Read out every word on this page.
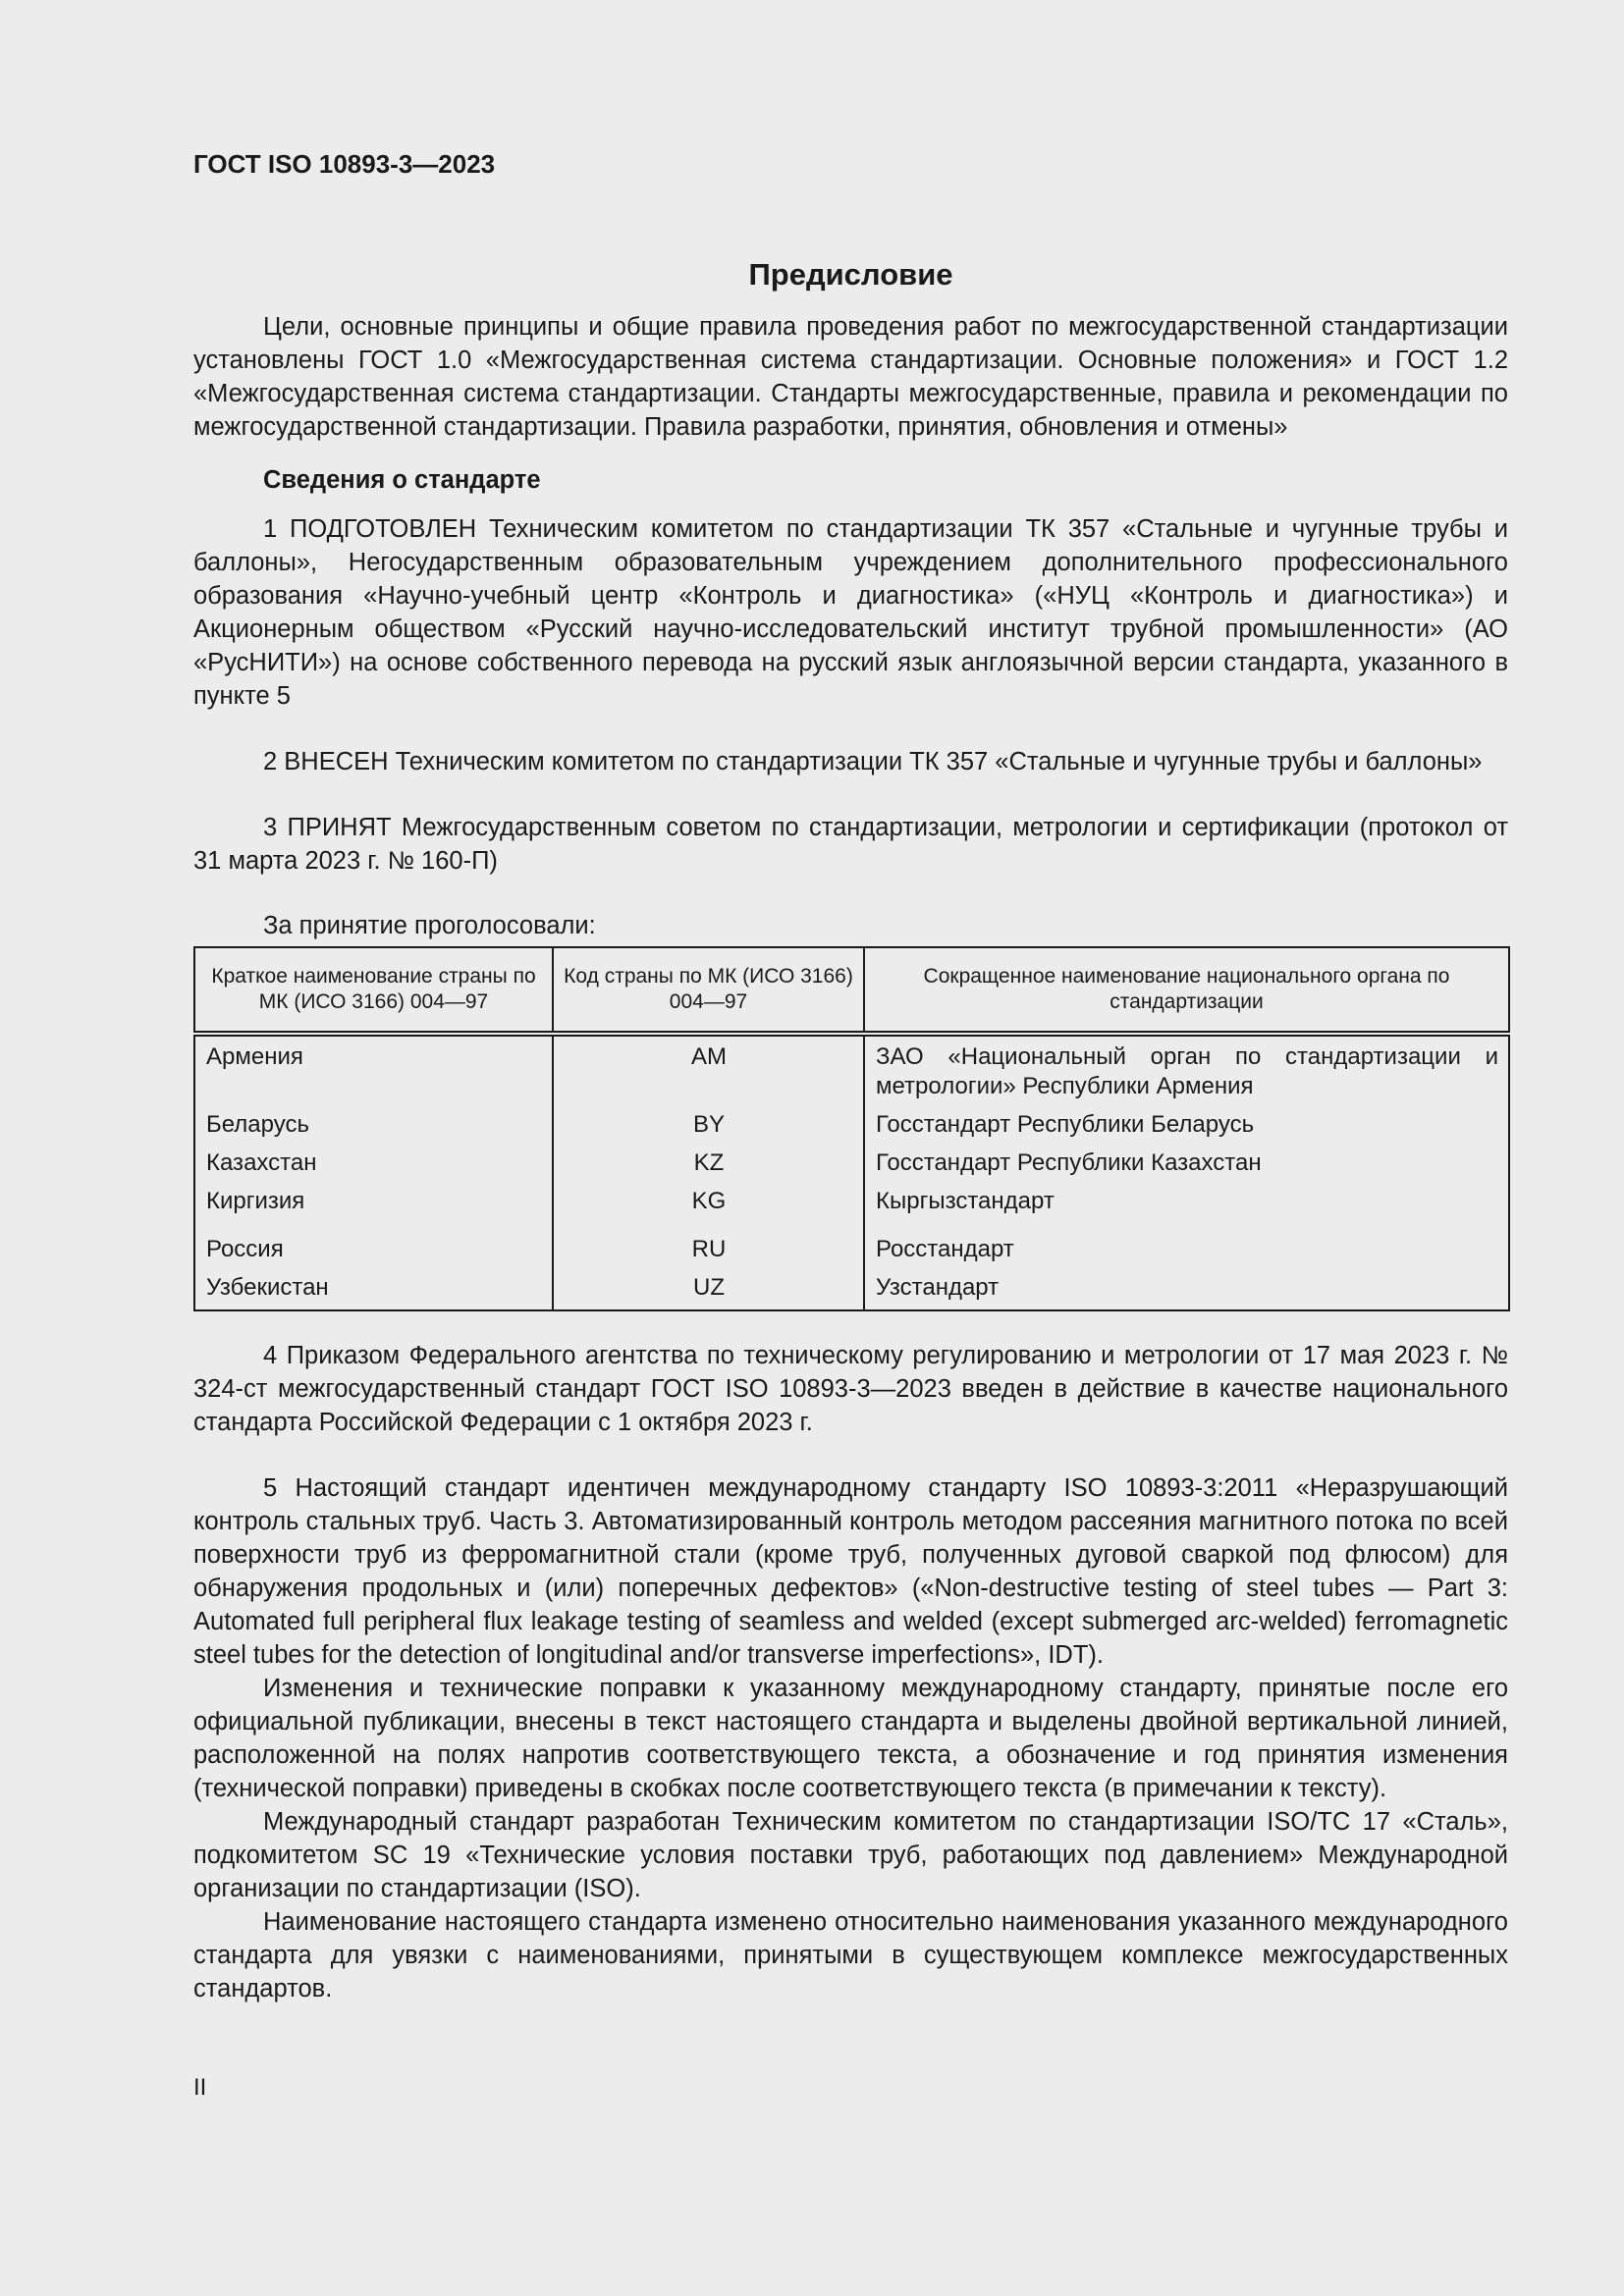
ГОСТ ISO 10893-3—2023
Предисловие

Цели, основные принципы и общие правила проведения работ по межгосударственной стандартизации установлены ГОСТ 1.0 «Межгосударственная система стандартизации. Основные положения» и ГОСТ 1.2 «Межгосударственная система стандартизации. Стандарты межгосударственные, правила и рекомендации по межгосударственной стандартизации. Правила разработки, принятия, обновления и отмены»

Сведения о стандарте

1 ПОДГОТОВЛЕН Техническим комитетом по стандартизации ТК 357 «Стальные и чугунные трубы и баллоны», Негосударственным образовательным учреждением дополнительного профессионального образования «Научно-учебный центр «Контроль и диагностика» («НУЦ «Контроль и диагностика») и Акционерным обществом «Русский научно-исследовательский институт трубной промышленности» (АО «РусНИТИ») на основе собственного перевода на русский язык англоязычной версии стандарта, указанного в пункте 5

2 ВНЕСЕН Техническим комитетом по стандартизации ТК 357 «Стальные и чугунные трубы и баллоны»

3 ПРИНЯТ Межгосударственным советом по стандартизации, метрологии и сертификации (протокол от 31 марта 2023 г. № 160-П)

За принятие проголосовали:

Краткое наименование страны по МК (ИСО 3166) 004—97	Код страны по МК (ИСО 3166) 004—97	Сокращенное наименование национального органа по стандартизации
Армения	AM	ЗАО «Национальный орган по стандартизации и метрологии» Республики Армения
Беларусь	BY	Госстандарт Республики Беларусь
Казахстан	KZ	Госстандарт Республики Казахстан
Киргизия	KG	Кыргызстандарт
Россия	RU	Росстандарт
Узбекистан	UZ	Узстандарт

4 Приказом Федерального агентства по техническому регулированию и метрологии от 17 мая 2023 г. № 324-ст межгосударственный стандарт ГОСТ ISO 10893-3—2023 введен в действие в качестве национального стандарта Российской Федерации с 1 октября 2023 г.

5 Настоящий стандарт идентичен международному стандарту ISO 10893-3:2011 «Неразрушающий контроль стальных труб. Часть 3. Автоматизированный контроль методом рассеяния магнитного потока по всей поверхности труб из ферромагнитной стали (кроме труб, полученных дуговой сваркой под флюсом) для обнаружения продольных и (или) поперечных дефектов» («Non-destructive testing of steel tubes — Part 3: Automated full peripheral flux leakage testing of seamless and welded (except submerged arc-welded) ferromagnetic steel tubes for the detection of longitudinal and/or transverse imperfections», IDT).

Изменения и технические поправки к указанному международному стандарту, принятые после его официальной публикации, внесены в текст настоящего стандарта и выделены двойной вертикальной линией, расположенной на полях напротив соответствующего текста, а обозначение и год принятия изменения (технической поправки) приведены в скобках после соответствующего текста (в примечании к тексту).

Международный стандарт разработан Техническим комитетом по стандартизации ISO/TC 17 «Сталь», подкомитетом SC 19 «Технические условия поставки труб, работающих под давлением» Международной организации по стандартизации (ISO).

Наименование настоящего стандарта изменено относительно наименования указанного международного стандарта для увязки с наименованиями, принятыми в существующем комплексе межгосударственных стандартов.

II
